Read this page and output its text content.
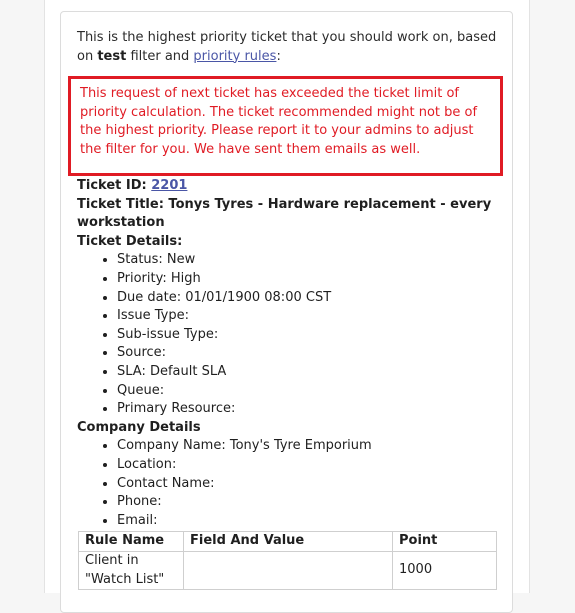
This is the highest priority ticket that you should work on, based on test filter and priority rules:
This request of next ticket has exceeded the ticket limit of priority calculation. The ticket recommended might not be of the highest priority. Please report it to your admins to adjust the filter for you. We have sent them emails as well.
Ticket ID: 2201
Ticket Title: Tonys Tyres - Hardware replacement - every workstation
Ticket Details:
• Status: New
• Priority: High
• Due date: 01/01/1900 08:00 CST
• Issue Type:
• Sub-issue Type:
• Source:
• SLA: Default SLA
• Queue:
• Primary Resource:
Company Details
• Company Name: Tony's Tyre Emporium
• Location:
• Contact Name:
• Phone:
• Email:
Rule Name	Field And Value	Point
Client in "Watch List"		1000
